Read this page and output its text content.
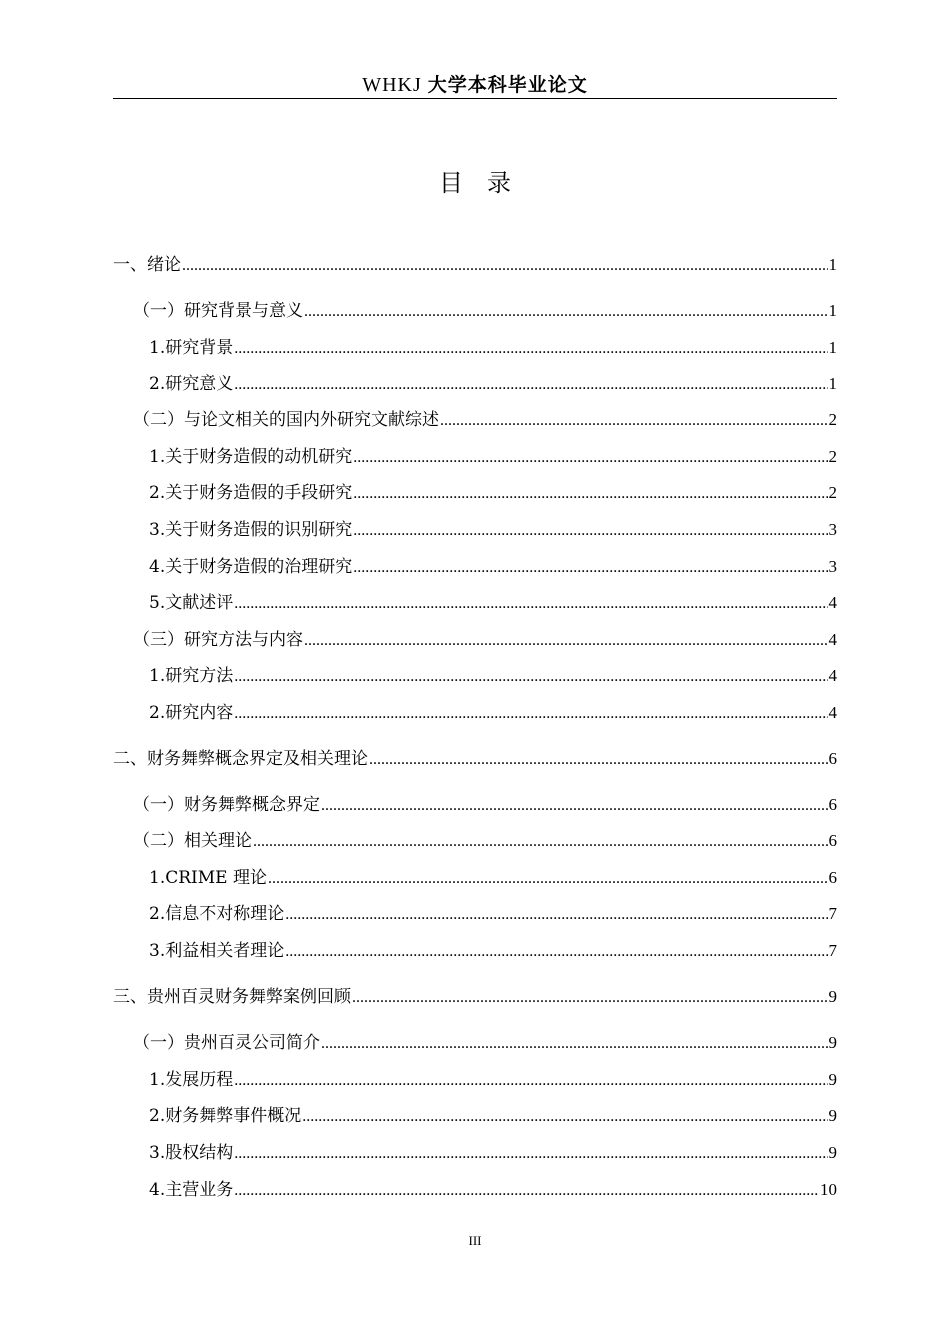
WHKJ 大学本科毕业论文
目录
一、绪论 .....	1
（一）研究背景与意义 .....	1
1.研究背景 .....	1
2.研究意义 .....	1
（二）与论文相关的国内外研究文献综述 .....	2
1.关于财务造假的动机研究 .....	2
2.关于财务造假的手段研究 .....	2
3.关于财务造假的识别研究 .....	3
4.关于财务造假的治理研究 .....	3
5.文献述评 .....	4
（三）研究方法与内容 .....	4
1.研究方法 .....	4
2.研究内容 .....	4
二、财务舞弊概念界定及相关理论 .....	6
（一）财务舞弊概念界定 .....	6
（二）相关理论 .....	6
1.CRIME 理论 .....	6
2.信息不对称理论 .....	7
3.利益相关者理论 .....	7
三、贵州百灵财务舞弊案例回顾 .....	9
（一）贵州百灵公司简介 .....	9
1.发展历程 .....	9
2.财务舞弊事件概况 .....	9
3.股权结构 .....	9
4.主营业务 .....	10
III
